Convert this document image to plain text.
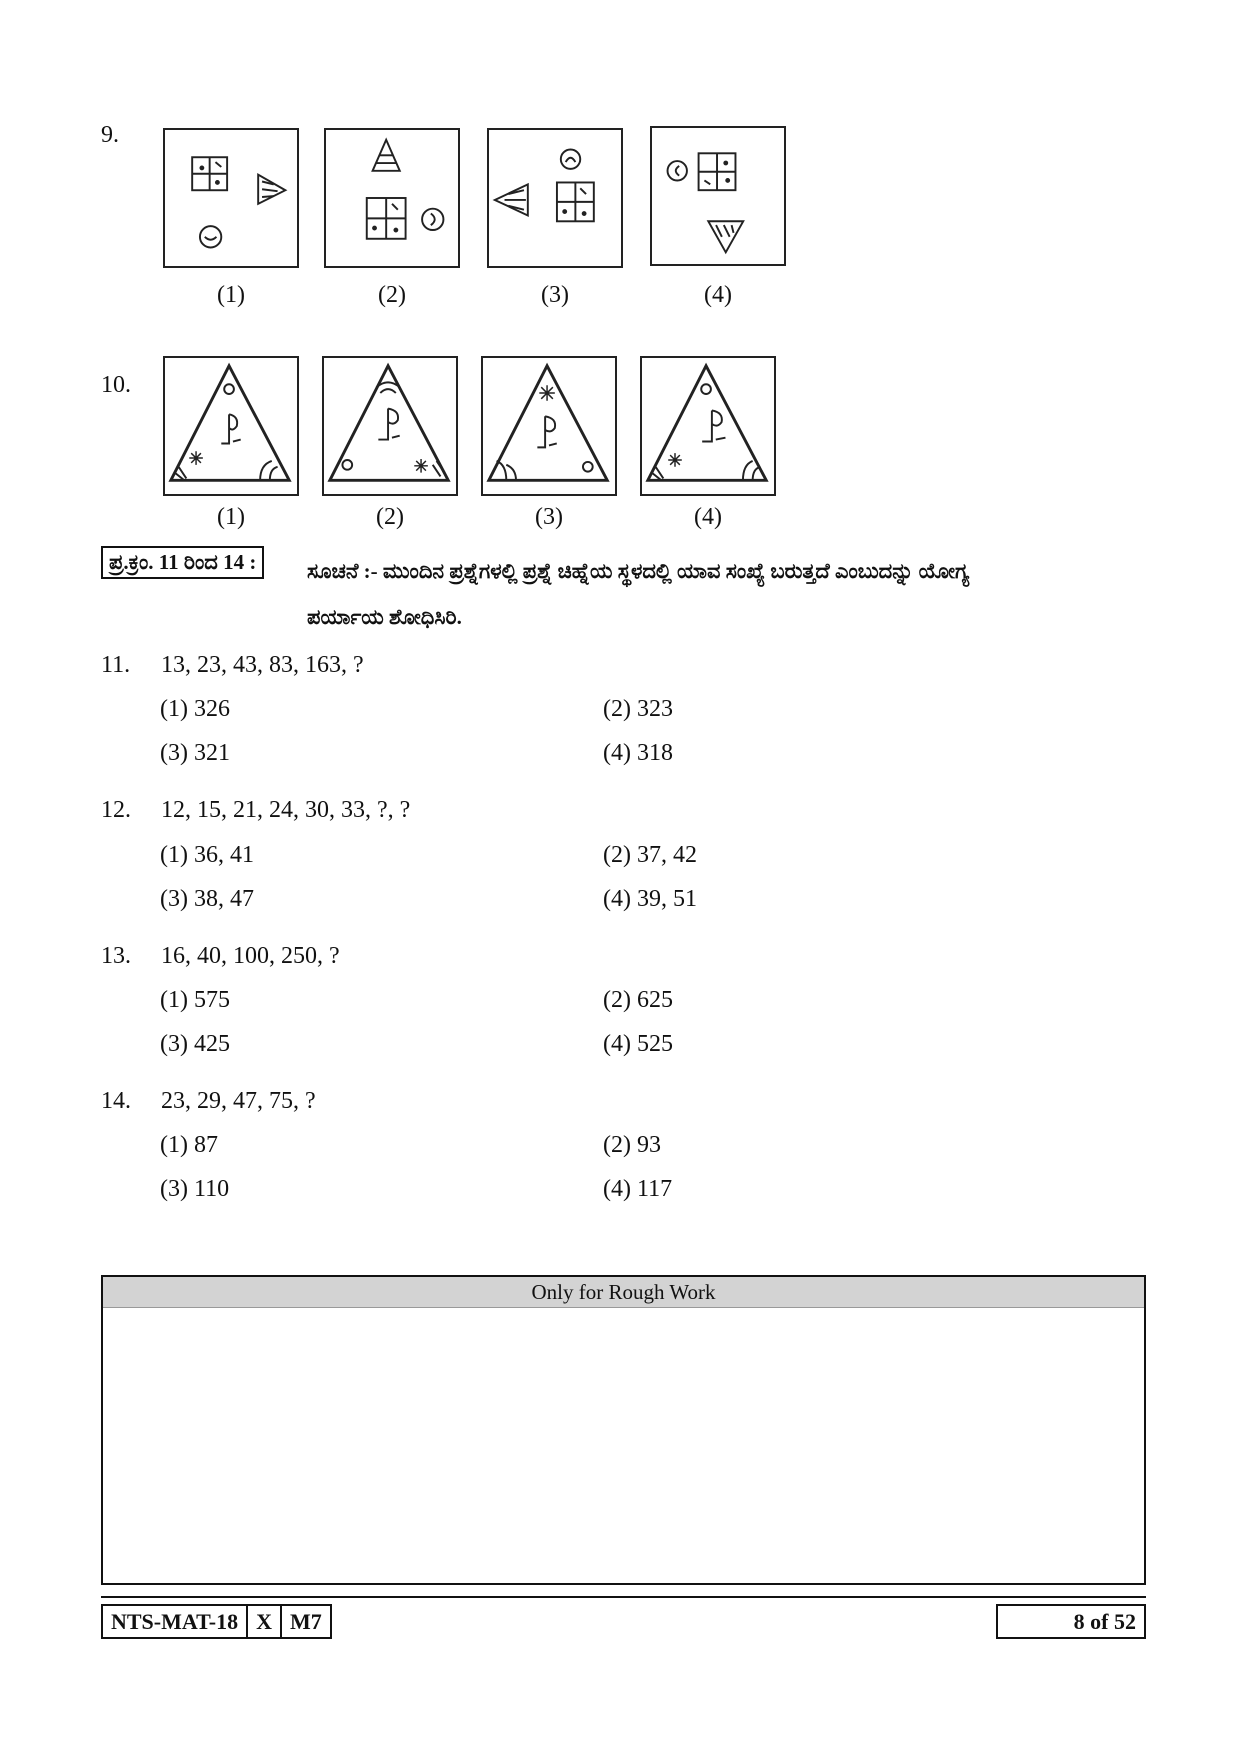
9.
(1)	(2)	(3)	(4)
10.
(1)	(2)	(3)	(4)
ಪ್ರ.ಕ್ರಂ. 11 ರಿಂದ 14 :	ಸೂಚನೆ :- ಮುಂದಿನ ಪ್ರಶ್ನೆಗಳಲ್ಲಿ ಪ್ರಶ್ನೆ ಚಿಹ್ನೆಯ ಸ್ಥಳದಲ್ಲಿ ಯಾವ ಸಂಖ್ಯೆ ಬರುತ್ತದೆ ಎಂಬುದನ್ನು ಯೋಗ್ಯ
ಪರ್ಯಾಯ ಶೋಧಿಸಿರಿ.
11. 13, 23, 43, 83, 163, ?
(1) 326	(2) 323
(3) 321	(4) 318
12. 12, 15, 21, 24, 30, 33, ?, ?
(1) 36, 41	(2) 37, 42
(3) 38, 47	(4) 39, 51
13. 16, 40, 100, 250, ?
(1) 575	(2) 625
(3) 425	(4) 525
14. 23, 29, 47, 75, ?
(1) 87	(2) 93
(3) 110	(4) 117
Only for Rough Work
NTS-MAT-18 X M7	8 of 52
